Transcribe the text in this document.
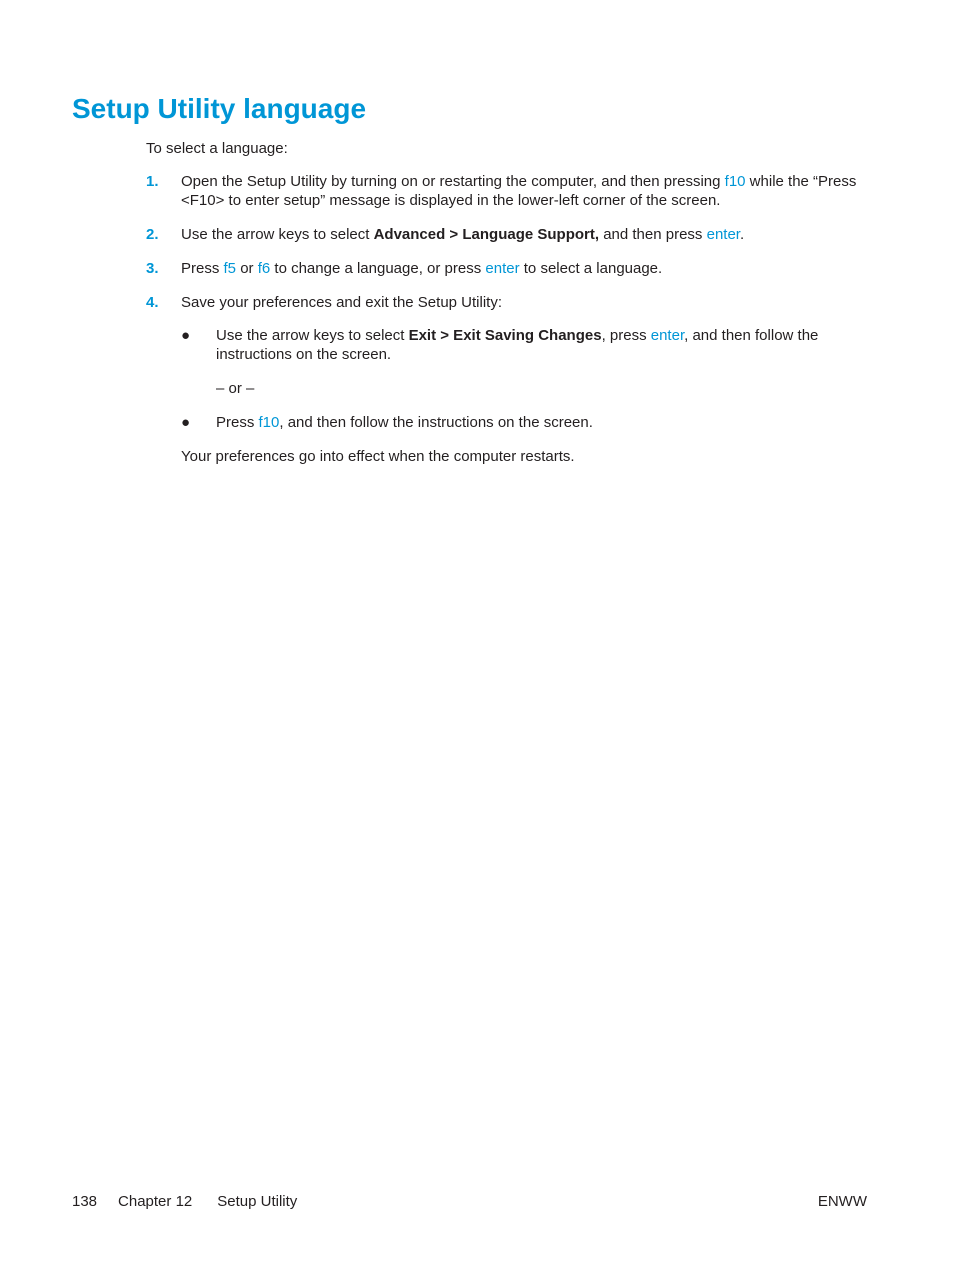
Setup Utility language

To select a language:

1. Open the Setup Utility by turning on or restarting the computer, and then pressing f10 while the “Press <F10> to enter setup” message is displayed in the lower-left corner of the screen.
2. Use the arrow keys to select Advanced > Language Support, and then press enter.
3. Press f5 or f6 to change a language, or press enter to select a language.
4. Save your preferences and exit the Setup Utility:
● Use the arrow keys to select Exit > Exit Saving Changes, press enter, and then follow the instructions on the screen.

– or –

● Press f10, and then follow the instructions on the screen.

Your preferences go into effect when the computer restarts.

138 Chapter 12 Setup Utility	ENWW
